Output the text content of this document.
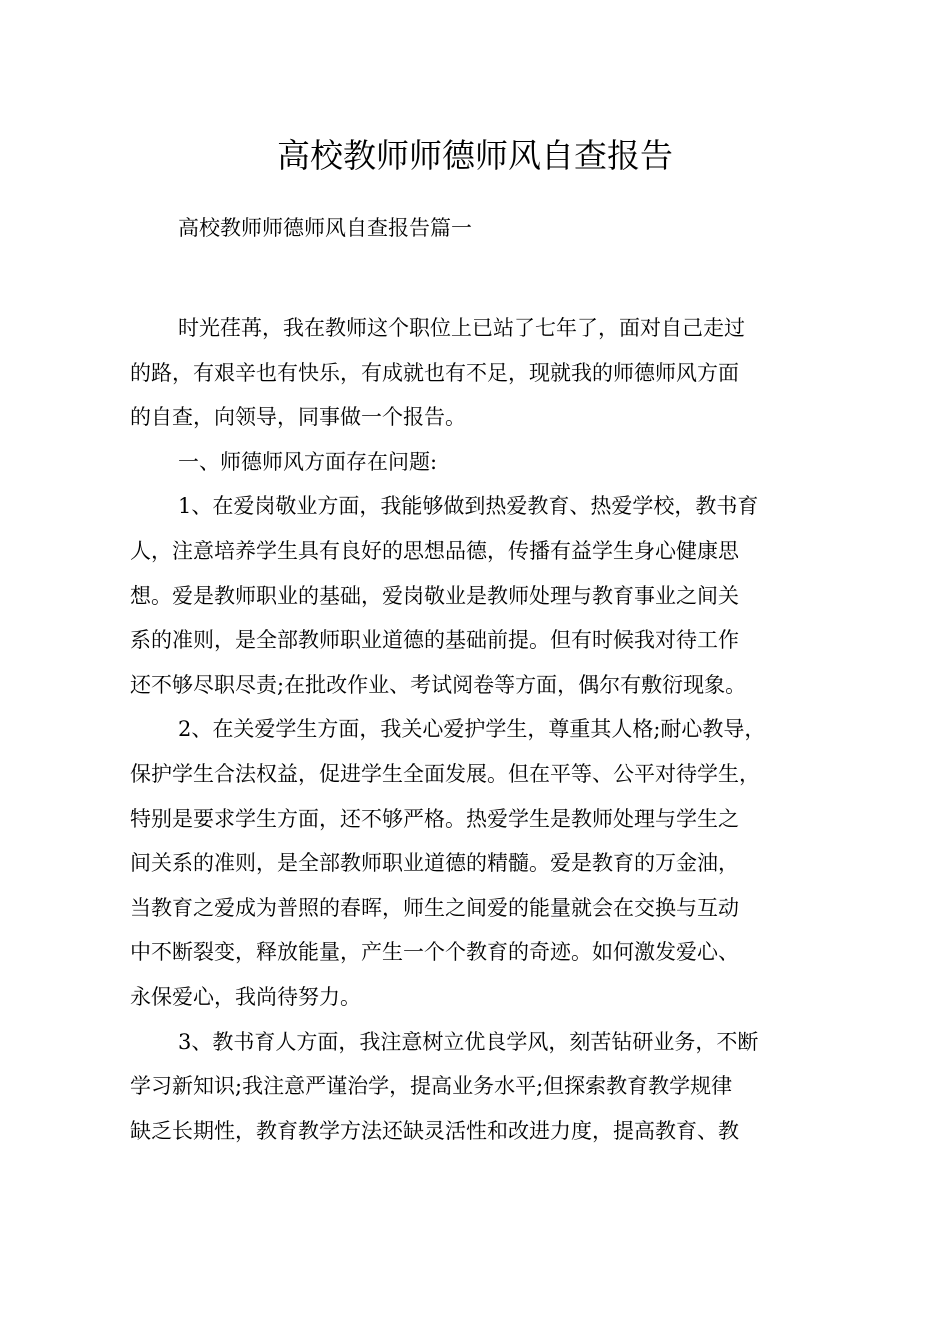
高校教师师德师风自查报告
高校教师师德师风自查报告篇一
时光荏苒，我在教师这个职位上已站了七年了，面对自己走过
的路，有艰辛也有快乐，有成就也有不足，现就我的师德师风方面
的自查，向领导，同事做一个报告。
一、师德师风方面存在问题:
1、在爱岗敬业方面，我能够做到热爱教育、热爱学校，教书育
人，注意培养学生具有良好的思想品德，传播有益学生身心健康思
想。爱是教师职业的基础，爱岗敬业是教师处理与教育事业之间关
系的准则，是全部教师职业道德的基础前提。但有时候我对待工作
还不够尽职尽责;在批改作业、考试阅卷等方面，偶尔有敷衍现象。
2、在关爱学生方面，我关心爱护学生，尊重其人格;耐心教导，
保护学生合法权益，促进学生全面发展。但在平等、公平对待学生，
特别是要求学生方面，还不够严格。热爱学生是教师处理与学生之
间关系的准则，是全部教师职业道德的精髓。爱是教育的万金油，
当教育之爱成为普照的春晖，师生之间爱的能量就会在交换与互动
中不断裂变，释放能量，产生一个个教育的奇迹。如何激发爱心、
永保爱心，我尚待努力。
3、教书育人方面，我注意树立优良学风，刻苦钻研业务，不断
学习新知识;我注意严谨治学，提高业务水平;但探索教育教学规律
缺乏长期性，教育教学方法还缺灵活性和改进力度，提高教育、教
